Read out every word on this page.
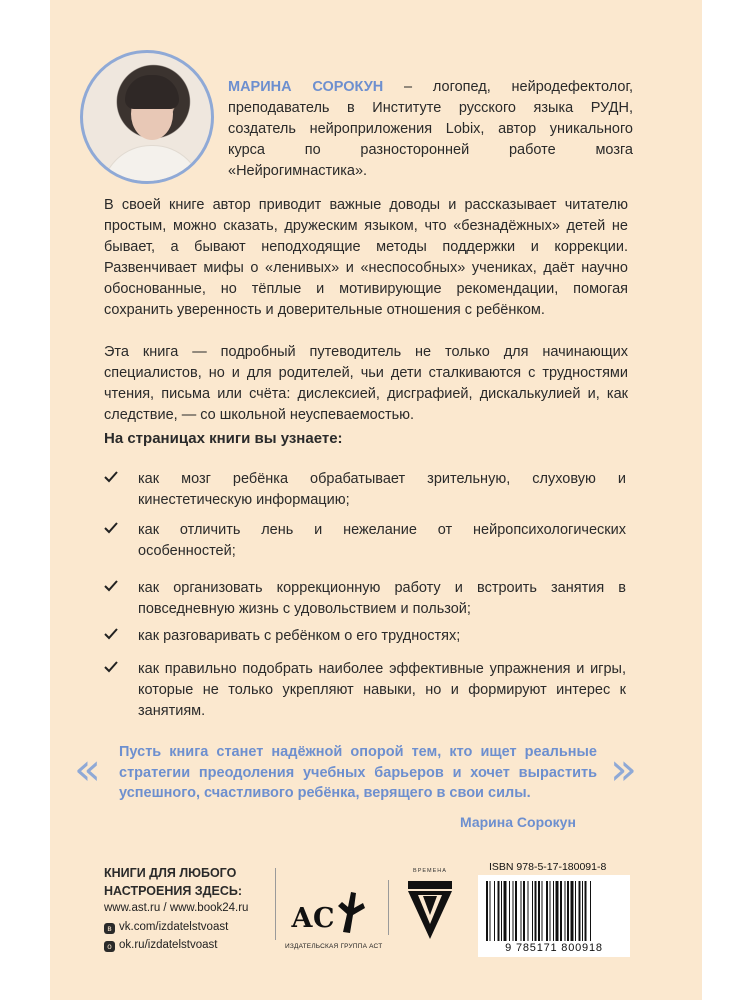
МАРИНА СОРОКУН – логопед, нейродефектолог, преподаватель в Институте русского языка РУДН, создатель нейроприложения Lobix, автор уникального курса по разносторонней работе мозга «Нейрогимнастика».
В своей книге автор приводит важные доводы и рассказывает читателю простым, можно сказать, дружеским языком, что «безнадёжных» детей не бывает, а бывают неподходящие методы поддержки и коррекции. Развенчивает мифы о «ленивых» и «неспособных» учениках, даёт научно обоснованные, но тёплые и мотивирующие рекомендации, помогая сохранить уверенность и доверительные отношения с ребёнком.
Эта книга — подробный путеводитель не только для начинающих специалистов, но и для родителей, чьи дети сталкиваются с трудностями чтения, письма или счёта: дислексией, дисграфией, дискалькулией и, как следствие, — со школьной неуспеваемостью.
На страницах книги вы узнаете:
как мозг ребёнка обрабатывает зрительную, слуховую и кинестетическую информацию;
как отличить лень и нежелание от нейропсихологических особенностей;
как организовать коррекционную работу и встроить занятия в повседневную жизнь с удовольствием и пользой;
как разговаривать с ребёнком о его трудностях;
как правильно подобрать наиболее эффективные упражнения и игры, которые не только укрепляют навыки, но и формируют интерес к занятиям.
« Пусть книга станет надёжной опорой тем, кто ищет реальные стратегии преодоления учебных барьеров и хочет вырастить успешного, счастливого ребёнка, верящего в свои силы.	»
Марина Сорокун
КНИГИ ДЛЯ ЛЮБОГО НАСТРОЕНИЯ ЗДЕСЬ:
www.ast.ru / www.book24.ru
в vk.com/izdatelstvoast
о ok.ru/izdatelstvoast
АС
ИЗДАТЕЛЬСКАЯ ГРУППА АСТ
ВРЕМЕНА	ISBN 978-5-17-180091-8
9 785171 800918
